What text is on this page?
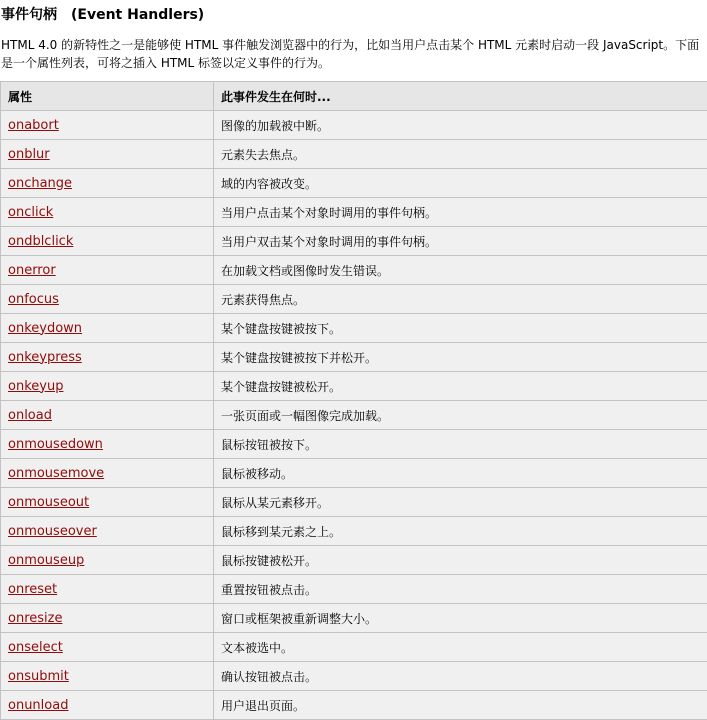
事件句柄 (Event Handlers)
HTML 4.0 的新特性之一是能够使 HTML 事件触发浏览器中的行为，比如当用户点击某个 HTML 元素时启动一段 JavaScript。下面是一个属性列表，可将之插入 HTML 标签以定义事件的行为。
属性	此事件发生在何时...
onabort	图像的加载被中断。
onblur	元素失去焦点。
onchange	域的内容被改变。
onclick	当用户点击某个对象时调用的事件句柄。
ondblclick	当用户双击某个对象时调用的事件句柄。
onerror	在加载文档或图像时发生错误。
onfocus	元素获得焦点。
onkeydown	某个键盘按键被按下。
onkeypress	某个键盘按键被按下并松开。
onkeyup	某个键盘按键被松开。
onload	一张页面或一幅图像完成加载。
onmousedown	鼠标按钮被按下。
onmousemove	鼠标被移动。
onmouseout	鼠标从某元素移开。
onmouseover	鼠标移到某元素之上。
onmouseup	鼠标按键被松开。
onreset	重置按钮被点击。
onresize	窗口或框架被重新调整大小。
onselect	文本被选中。
onsubmit	确认按钮被点击。
onunload	用户退出页面。
